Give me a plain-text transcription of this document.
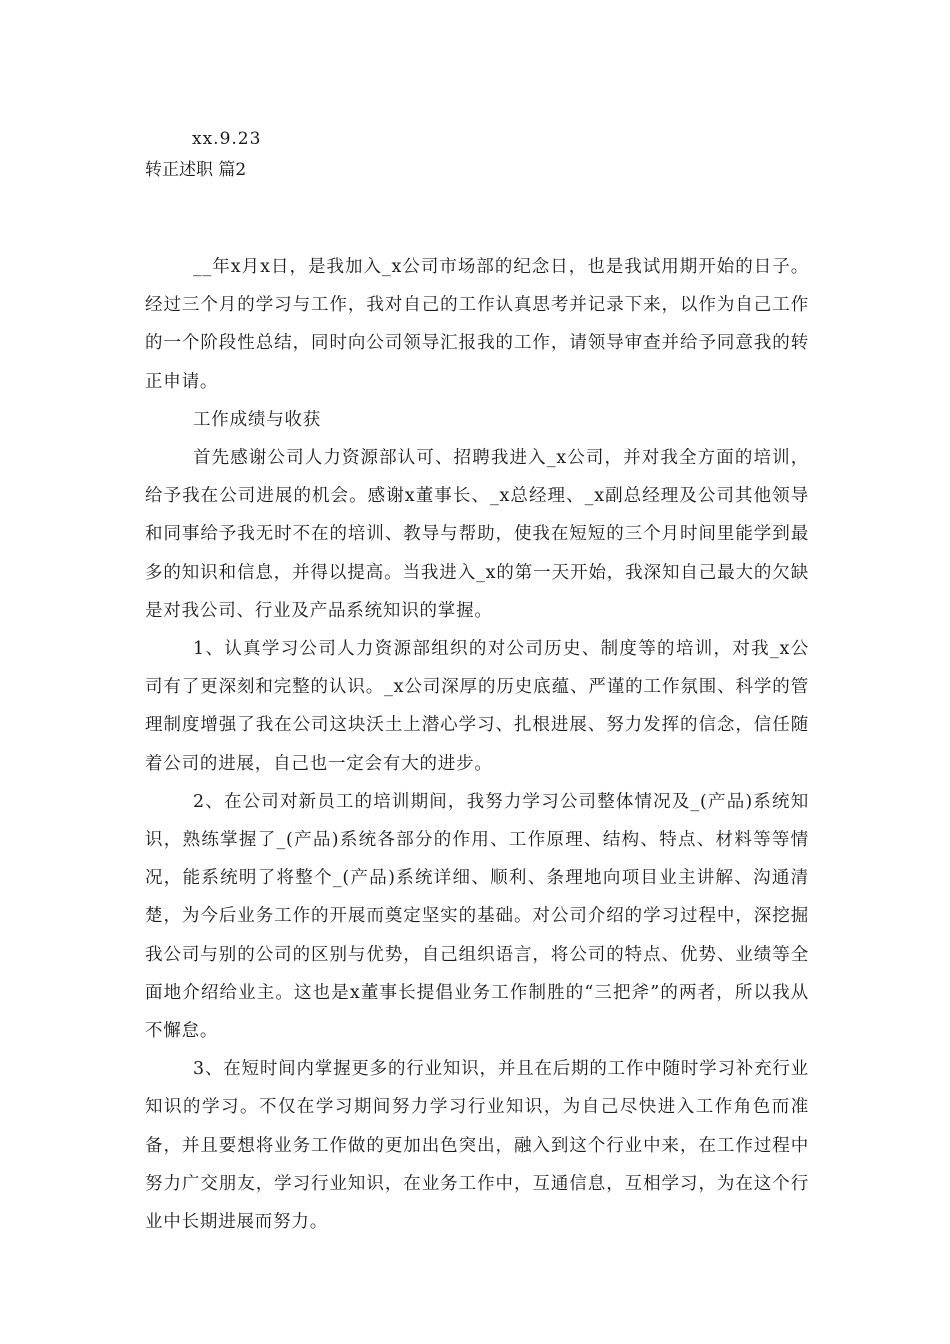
xx.9.23
转正述职 篇2

__年x月x日，是我加入_x公司市场部的纪念日，也是我试用期开始的日子。经过三个月的学习与工作，我对自己的工作认真思考并记录下来，以作为自己工作的一个阶段性总结，同时向公司领导汇报我的工作，请领导审查并给予同意我的转正申请。

工作成绩与收获

首先感谢公司人力资源部认可、招聘我进入_x公司，并对我全方面的培训，给予我在公司进展的机会。感谢x董事长、_x总经理、_x副总经理及公司其他领导和同事给予我无时不在的培训、教导与帮助，使我在短短的三个月时间里能学到最多的知识和信息，并得以提高。当我进入_x的第一天开始，我深知自己最大的欠缺是对我公司、行业及产品系统知识的掌握。

1、认真学习公司人力资源部组织的对公司历史、制度等的培训，对我_x公司有了更深刻和完整的认识。_x公司深厚的历史底蕴、严谨的工作氛围、科学的管理制度增强了我在公司这块沃土上潜心学习、扎根进展、努力发挥的信念，信任随着公司的进展，自己也一定会有大的进步。

2、在公司对新员工的培训期间，我努力学习公司整体情况及_(产品)系统知识，熟练掌握了_(产品)系统各部分的作用、工作原理、结构、特点、材料等等情况，能系统明了将整个_(产品)系统详细、顺利、条理地向项目业主讲解、沟通清楚，为今后业务工作的开展而奠定坚实的基础。对公司介绍的学习过程中，深挖掘我公司与别的公司的区别与优势，自己组织语言，将公司的特点、优势、业绩等全面地介绍给业主。这也是x董事长提倡业务工作制胜的“三把斧”的两者，所以我从不懈怠。

3、在短时间内掌握更多的行业知识，并且在后期的工作中随时学习补充行业知识的学习。不仅在学习期间努力学习行业知识，为自己尽快进入工作角色而准备，并且要想将业务工作做的更加出色突出，融入到这个行业中来，在工作过程中努力广交朋友，学习行业知识，在业务工作中，互通信息，互相学习，为在这个行业中长期进展而努力。
